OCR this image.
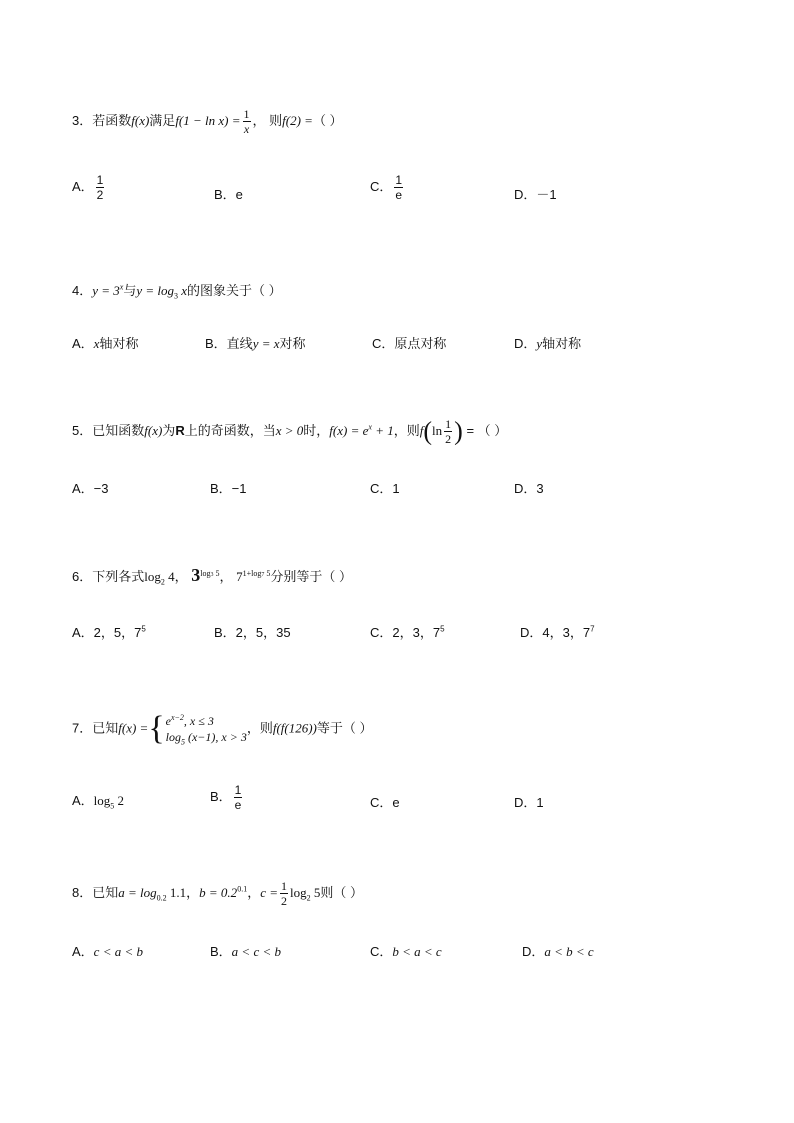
3．若函数f(x)满足$f(1 - \ln x) = \frac{1}{x}$ ， 则f(2) =（ ）
A． $\frac{1}{2}$	B．e
C． $\frac{1}{e}$	D．－1
4．$y = 3^x$与$y = \log_3 x$的图象关于（ ）
A．x轴对称	B．直线y = x对称	C．原点对称	D．y轴对称
5．已知函数f(x)为R上的奇函数，当x > 0时，$f(x) = e^x + 1$，则$f(\ln \frac{1}{2}$ ) = （ ）
A．−3	B．−1	C．1	D．3
6．下列各式$\log_2 4$， $3^{log3 5}$， $7^{1+log7 5}$分别等于（ ）
A．2，5，$7^5$	B．2，5，35	C．2，3，$7^5$	D．4，3，$7^7$
7．已知f(x) = { $e^{x-2}$, x ≤ 3
$\log_5 (x-1)$, x > 3
，则f(f(126))等于（ ）
A．$\log_5 2$	B． $\frac{1}{e}$	C．e	D．1
8．已知$a = \log_{0.2} 1.1$，$b = 0.2^{0.1}$，$c = \frac{1}{2} \log_2 5$则（ ）
A．c < a < b	B．a < c < b	C．b < a < c	D．a < b < c
